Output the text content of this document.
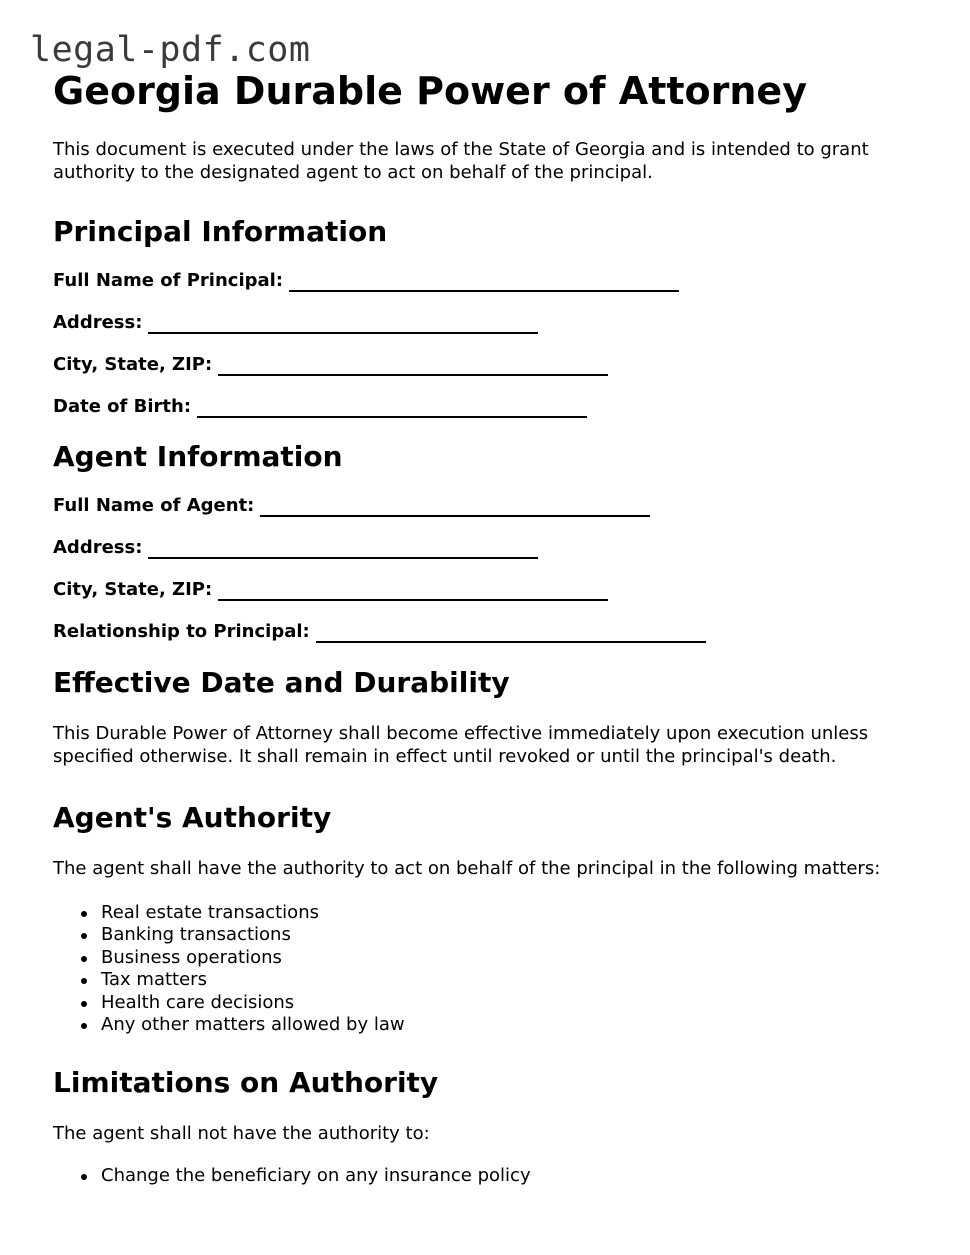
legal-pdf.com
Georgia Durable Power of Attorney

This document is executed under the laws of the State of Georgia and is intended to grant authority to the designated agent to act on behalf of the principal.

Principal Information
Full Name of Principal:
Address:
City, State, ZIP:
Date of Birth:
Agent Information
Full Name of Agent:
Address:
City, State, ZIP:
Relationship to Principal:
Effective Date and Durability

This Durable Power of Attorney shall become effective immediately upon execution unless specified otherwise. It shall remain in effect until revoked or until the principal's death.

Agent's Authority

The agent shall have the authority to act on behalf of the principal in the following matters:

Real estate transactions
Banking transactions
Business operations
Tax matters
Health care decisions
Any other matters allowed by law
Limitations on Authority

The agent shall not have the authority to:

Change the beneficiary on any insurance policy
